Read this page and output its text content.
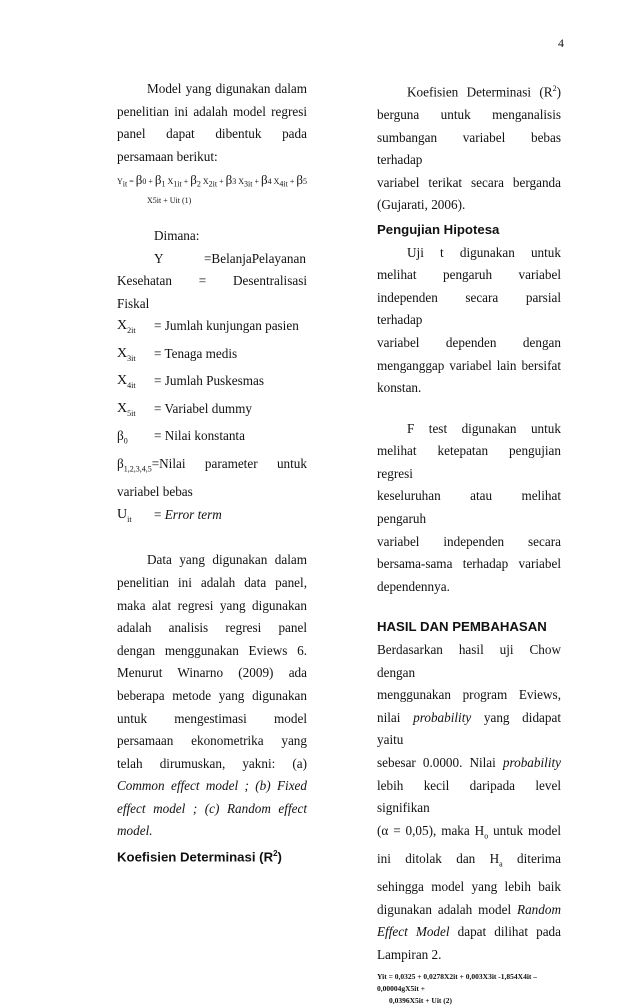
4
Model yang digunakan dalam
penelitian ini adalah model regresi
panel dapat dibentuk pada
persamaan berikut:
$Y_{it} = \beta 0 + \beta_1$ $X_{1it} + \beta_2$ $X_{2it} + \beta 3$ $X_{3it} + \beta 4$ $X_{4it} + \beta 5$
X5it + Uit (1)
Dimana:
Y	=BelanjaPelayanan
Kesehatan = Desentralisasi
Fiskal
$X_{2it}$	= Jumlah kunjungan pasien
$X_{3it}$	= Tenaga medis
$X_{4it}$	= Jumlah Puskesmas
$X_{5it}$	= Variabel dummy
$\beta_0$	= Nilai konstanta
$\beta_{1,2,3,4,5}=Nilai$ parameter untuk
variabel bebas
$U_{it}$	= Error term
Data yang digunakan dalam
penelitian ini adalah data panel,
maka alat regresi yang digunakan
adalah analisis regresi panel
dengan menggunakan Eviews 6.
Menurut Winarno (2009) ada
beberapa metode yang digunakan
untuk mengestimasi model
persamaan ekonometrika yang
telah dirumuskan, yakni: (a)
Common effect model ; (b) Fixed
effect model ; (c) Random effect
model.
Koefisien Determinasi $(R^2)$
Koefisien Determinasi $(R^2)$
berguna untuk menganalisis
sumbangan variabel bebas terhadap
variabel terikat secara berganda
(Gujarati, 2006).
Pengujian Hipotesa
Uji t digunakan untuk
melihat pengaruh variabel
independen secara parsial terhadap
variabel dependen dengan
menganggap variabel lain bersifat
konstan.
F test digunakan untuk
melihat ketepatan pengujian regresi
keseluruhan atau melihat pengaruh
variabel independen secara
bersama-sama terhadap variabel
dependennya.
HASIL DAN PEMBAHASAN
Berdasarkan hasil uji Chow dengan
menggunakan program Eviews,
nilai probability yang didapat yaitu
sebesar 0.0000. Nilai probability
lebih kecil daripada level signifikan
(α = 0,05), maka $H_o$ untuk model
ini ditolak dan $H_a$ diterima
sehingga model yang lebih baik
digunakan adalah model Random
Effect Model dapat dilihat pada
Lampiran 2.
Yit = 0,0325 + 0,0278X2it + 0,003X3it -1,854X4it – 0,00004gX5it +
0,0396X5it + Uit (2)
